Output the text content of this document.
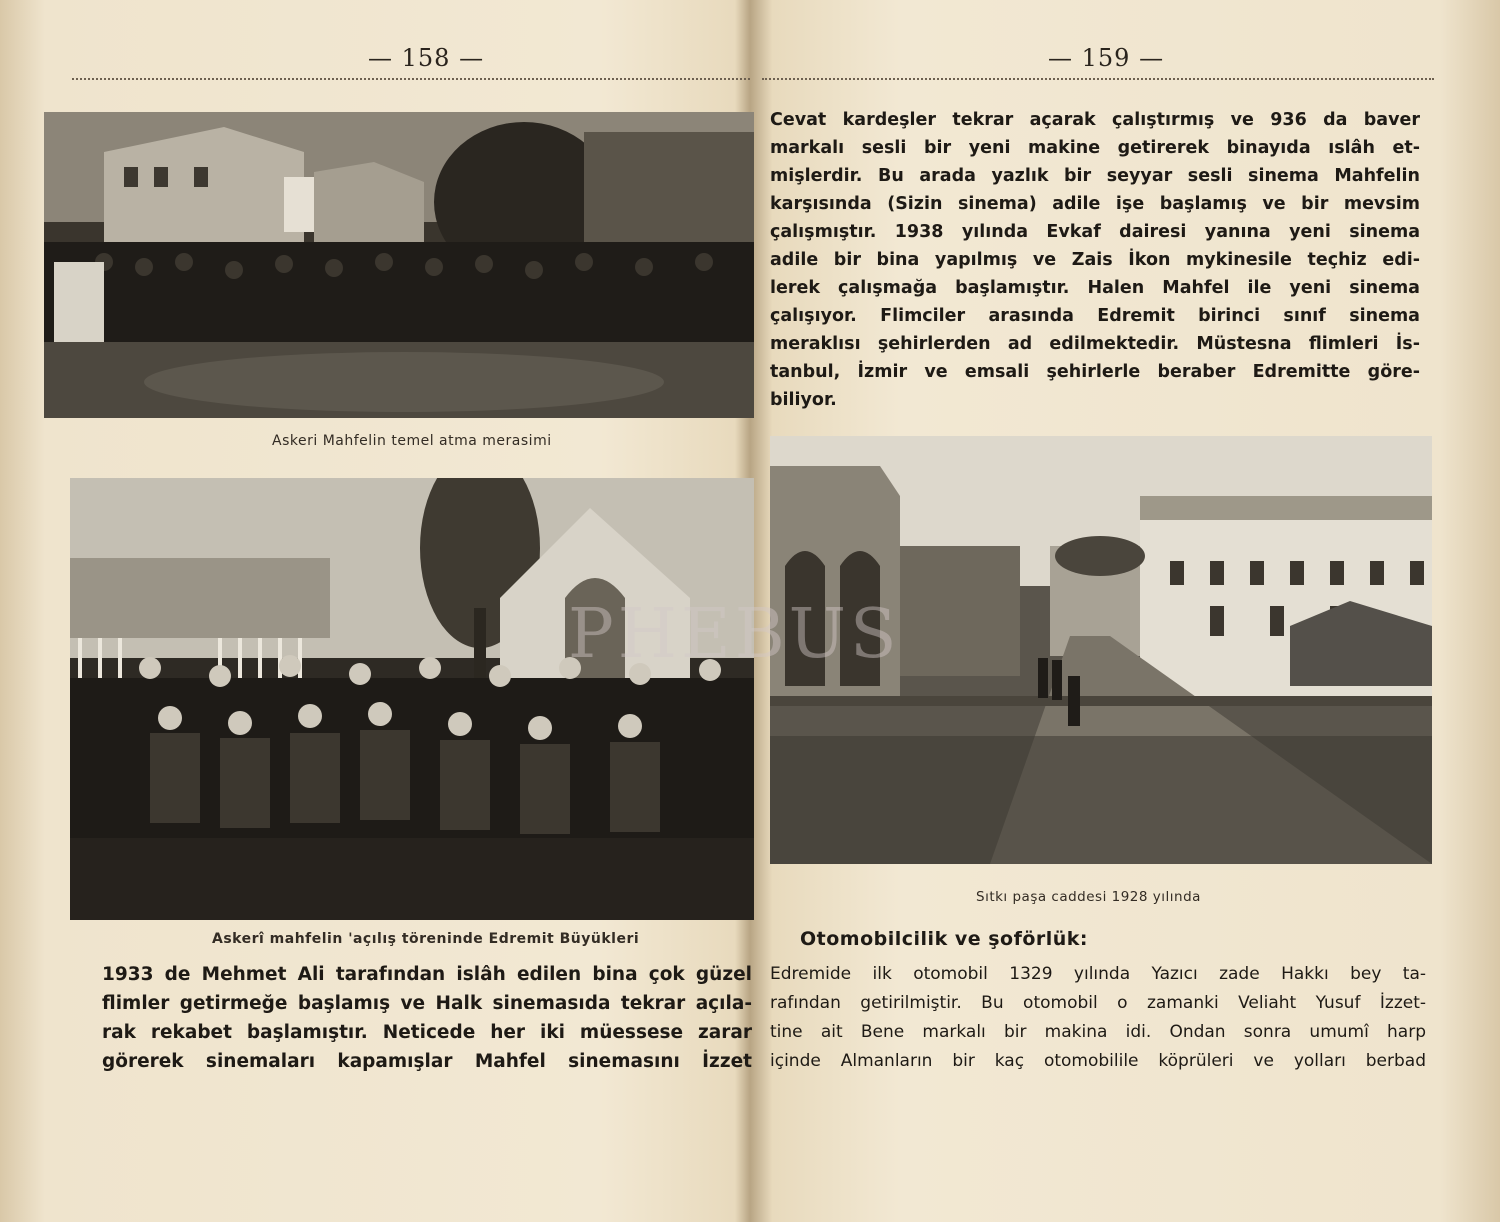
— 158 —
Askeri Mahfelin temel atma merasimi
Askerî mahfelin 'açılış töreninde Edremit Büyükleri
1933 de Mehmet Ali tarafından islâh edilen bina çok güzel
flimler getirmeğe başlamış ve Halk sinemasıda tekrar açıla-
rak rekabet başlamıştır. Neticede her iki müessese zarar
görerek sinemaları kapamışlar Mahfel sinemasını İzzet
— 159 —
Cevat kardeşler tekrar açarak çalıştırmış ve 936 da baver
markalı sesli bir yeni makine getirerek binayıda ıslâh et-
mişlerdir. Bu arada yazlık bir seyyar sesli sinema Mahfelin
karşısında (Sizin sinema) adile işe başlamış ve bir mevsim
çalışmıştır. 1938 yılında Evkaf dairesi yanına yeni sinema
adile bir bina yapılmış ve Zais İkon mykinesile teçhiz edi-
lerek çalışmağa başlamıştır. Halen Mahfel ile yeni sinema
çalışıyor. Flimciler arasında Edremit birinci sınıf sinema
meraklısı şehirlerden ad edilmektedir. Müstesna flimleri İs-
tanbul, İzmir ve emsali şehirlerle beraber Edremitte göre-
biliyor.
Sıtkı paşa caddesi 1928 yılında
Otomobilcilik ve şoförlük:
Edremide ilk otomobil 1329 yılında Yazıcı zade Hakkı bey ta-
rafından getirilmiştir. Bu otomobil o zamanki Veliaht Yusuf İzzet-
tine ait Bene markalı bir makina idi. Ondan sonra umumî harp
içinde Almanların bir kaç otomobilile köprüleri ve yolları berbad
PHEBUS
